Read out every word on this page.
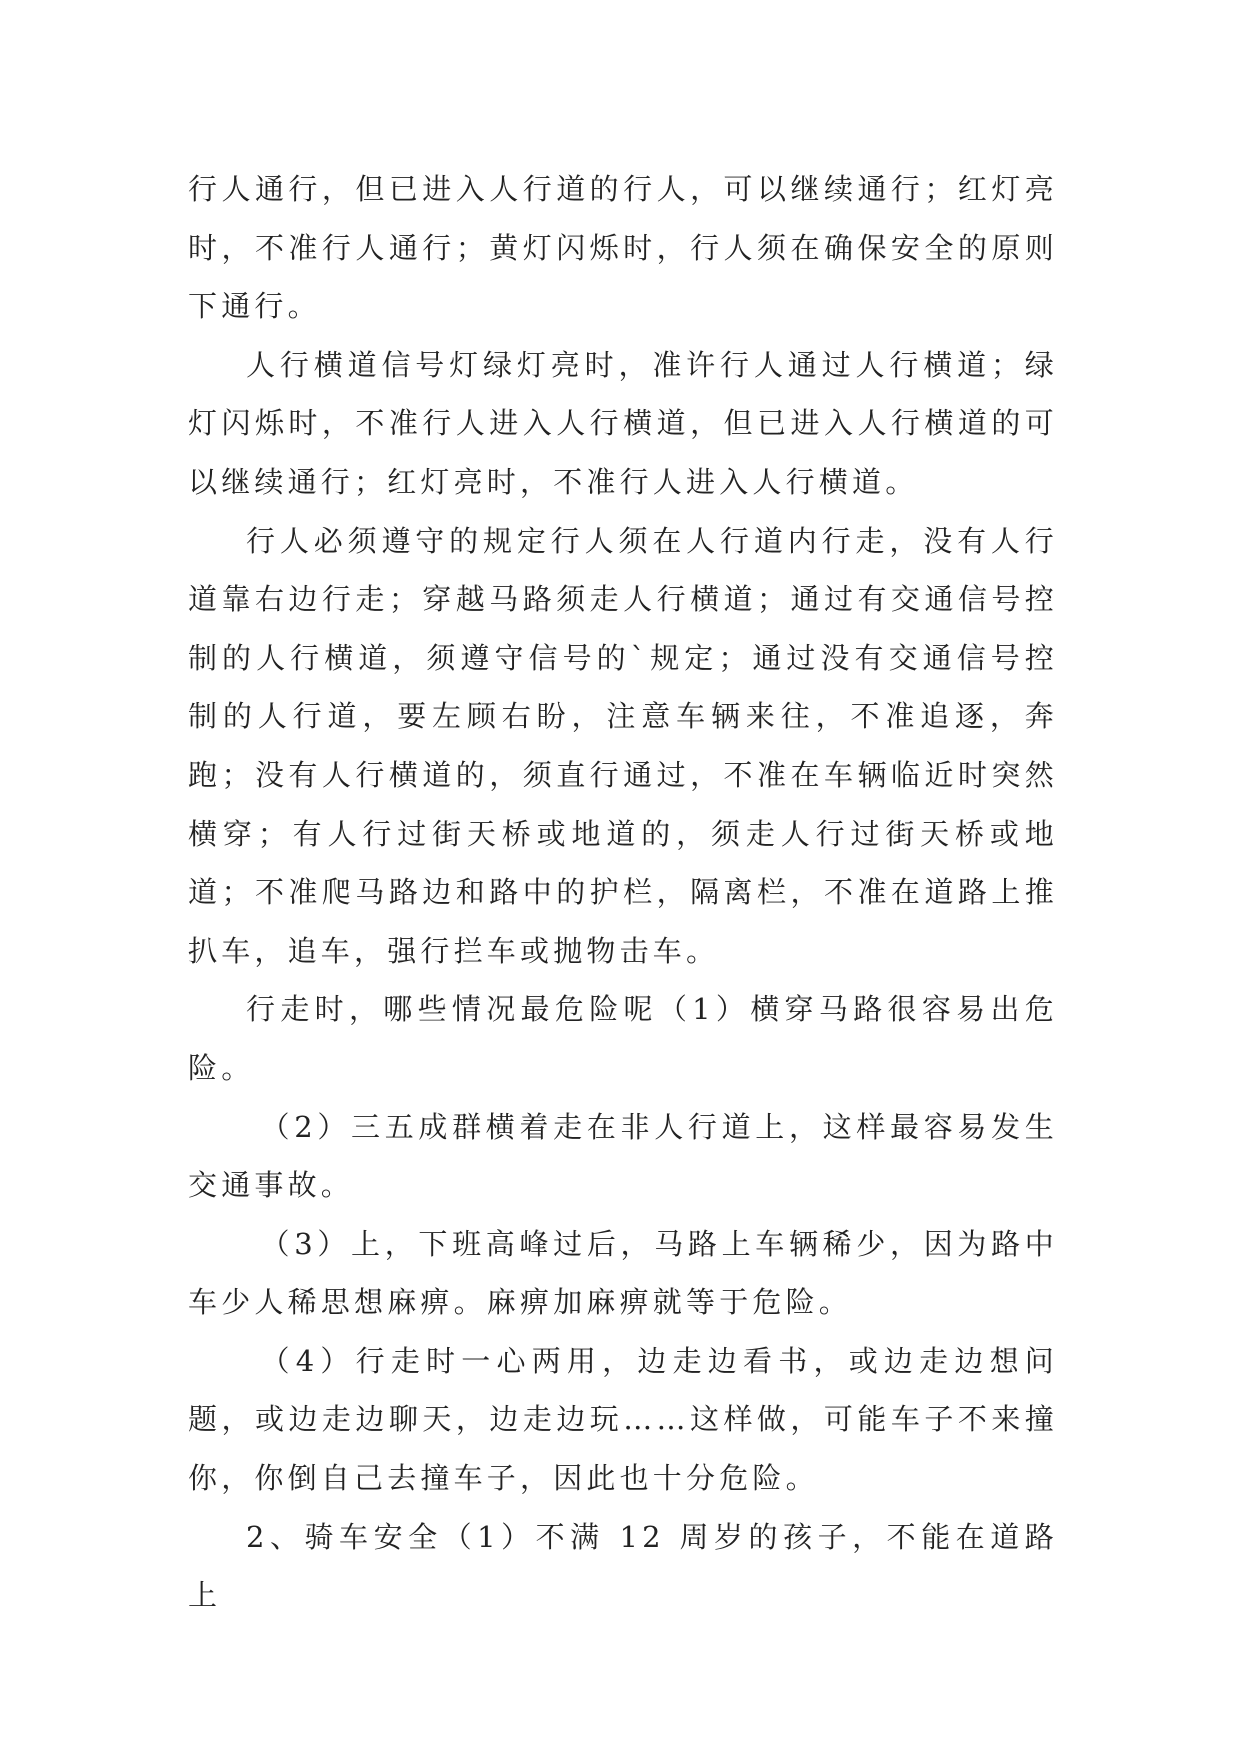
行人通行，但已进入人行道的行人，可以继续通行；红灯亮时，不准行人通行；黄灯闪烁时，行人须在确保安全的原则下通行。

人行横道信号灯绿灯亮时，准许行人通过人行横道；绿灯闪烁时，不准行人进入人行横道，但已进入人行横道的可以继续通行；红灯亮时，不准行人进入人行横道。

行人必须遵守的规定行人须在人行道内行走，没有人行道靠右边行走；穿越马路须走人行横道；通过有交通信号控制的人行横道，须遵守信号的`规定；通过没有交通信号控制的人行道，要左顾右盼，注意车辆来往，不准追逐，奔跑；没有人行横道的，须直行通过，不准在车辆临近时突然横穿；有人行过街天桥或地道的，须走人行过街天桥或地道；不准爬马路边和路中的护栏，隔离栏，不准在道路上推扒车，追车，强行拦车或抛物击车。

行走时，哪些情况最危险呢（1）横穿马路很容易出危险。

（2）三五成群横着走在非人行道上，这样最容易发生交通事故。

（3）上，下班高峰过后，马路上车辆稀少，因为路中车少人稀思想麻痹。麻痹加麻痹就等于危险。

（4）行走时一心两用，边走边看书，或边走边想问题，或边走边聊天，边走边玩……这样做，可能车子不来撞你，你倒自己去撞车子，因此也十分危险。

2、骑车安全（1）不满 12 周岁的孩子，不能在道路上
